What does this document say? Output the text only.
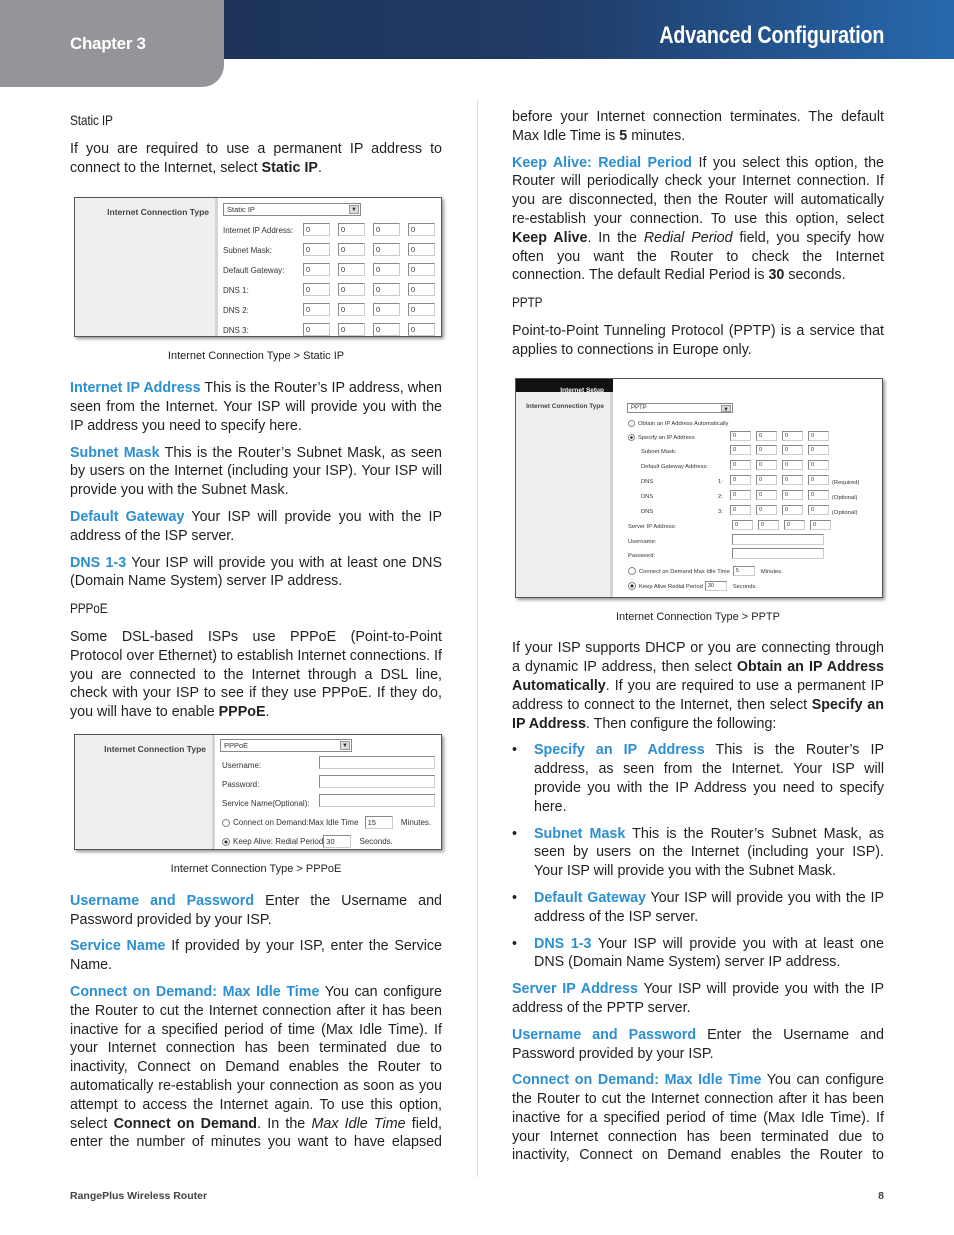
Chapter 3	Advanced Configuration
Static IP

If you are required to use a permanent IP address to connect to the Internet, select Static IP.

Internet Connection Type	Static IP	▼
Internet IP Address:	0	0	0	0
Subnet Mask:	0	0	0	0
Default Gateway:	0	0	0	0
DNS 1:	0	0	0	0
DNS 2:	0	0	0	0
DNS 3:	0	0	0	0
Internet Connection Type > Static IP

Internet IP Address This is the Router’s IP address, when seen from the Internet. Your ISP will provide you with the IP address you need to specify here.

Subnet Mask This is the Router’s Subnet Mask, as seen by users on the Internet (including your ISP). Your ISP will provide you with the Subnet Mask.

Default Gateway Your ISP will provide you with the IP address of the ISP server.

DNS 1-3 Your ISP will provide you with at least one DNS (Domain Name System) server IP address.

PPPoE

Some DSL-based ISPs use PPPoE (Point-to-Point Protocol over Ethernet) to establish Internet connections. If you are connected to the Internet through a DSL line, check with your ISP to see if they use PPPoE. If they do, you will have to enable PPPoE.

Internet Connection Type	PPPoE	▼
Username:
Password:
Service Name(Optional):
Connect on Demand:Max Idle Time 15	Minutes.
Keep Alive: Redial Period 30	Seconds.
Internet Connection Type > PPPoE

Username and Password Enter the Username and Password provided by your ISP.

Service Name If provided by your ISP, enter the Service Name.

Connect on Demand: Max Idle Time You can configure the Router to cut the Internet connection after it has been inactive for a specified period of time (Max Idle Time). If your Internet connection has been terminated due to inactivity, Connect on Demand enables the Router to automatically re-establish your connection as soon as you attempt to access the Internet again. To use this option, select Connect on Demand. In the Max Idle Time field, enter the number of minutes you want to have elapsed

before your Internet connection terminates. The default Max Idle Time is 5 minutes.

Keep Alive: Redial Period If you select this option, the Router will periodically check your Internet connection. If you are disconnected, then the Router will automatically re-establish your connection. To use this option, select Keep Alive. In the Redial Period field, you specify how often you want the Router to check the Internet connection. The default Redial Period is 30 seconds.

PPTP

Point-to-Point Tunneling Protocol (PPTP) is a service that applies to connections in Europe only.

Internet Setup
Internet Connection Type	PPTP	▼
Obtain an IP Address Automatically
Specify an IP Address	0	0	0	0
Subnet Mask:	0	0	0	0
Default Gateway Address:	0	0	0	0
DNS	1:	0	0	0	0	(Required)
DNS	2:	0	0	0	0	(Optional)
DNS	3:	0	0	0	0	(Optional)
Server IP Address:	0	0	0	0
Username:
Password:
Connect on Demand Max Idle Time 5	Minutes.
Keep Alive Redial Period 30	Seconds.
Internet Connection Type > PPTP

If your ISP supports DHCP or you are connecting through a dynamic IP address, then select Obtain an IP Address Automatically. If you are required to use a permanent IP address to connect to the Internet, then select Specify an IP Address. Then configure the following:

• Specify an IP Address This is the Router’s IP address, as seen from the Internet. Your ISP will provide you with the IP Address you need to specify here.

• Subnet Mask This is the Router’s Subnet Mask, as seen by users on the Internet (including your ISP). Your ISP will provide you with the Subnet Mask.

• Default Gateway Your ISP will provide you with the IP address of the ISP server.

• DNS 1-3 Your ISP will provide you with at least one DNS (Domain Name System) server IP address.

Server IP Address Your ISP will provide you with the IP address of the PPTP server.

Username and Password Enter the Username and Password provided by your ISP.

Connect on Demand: Max Idle Time You can configure the Router to cut the Internet connection after it has been inactive for a specified period of time (Max Idle Time). If your Internet connection has been terminated due to inactivity, Connect on Demand enables the Router to

RangePlus Wireless Router	8
